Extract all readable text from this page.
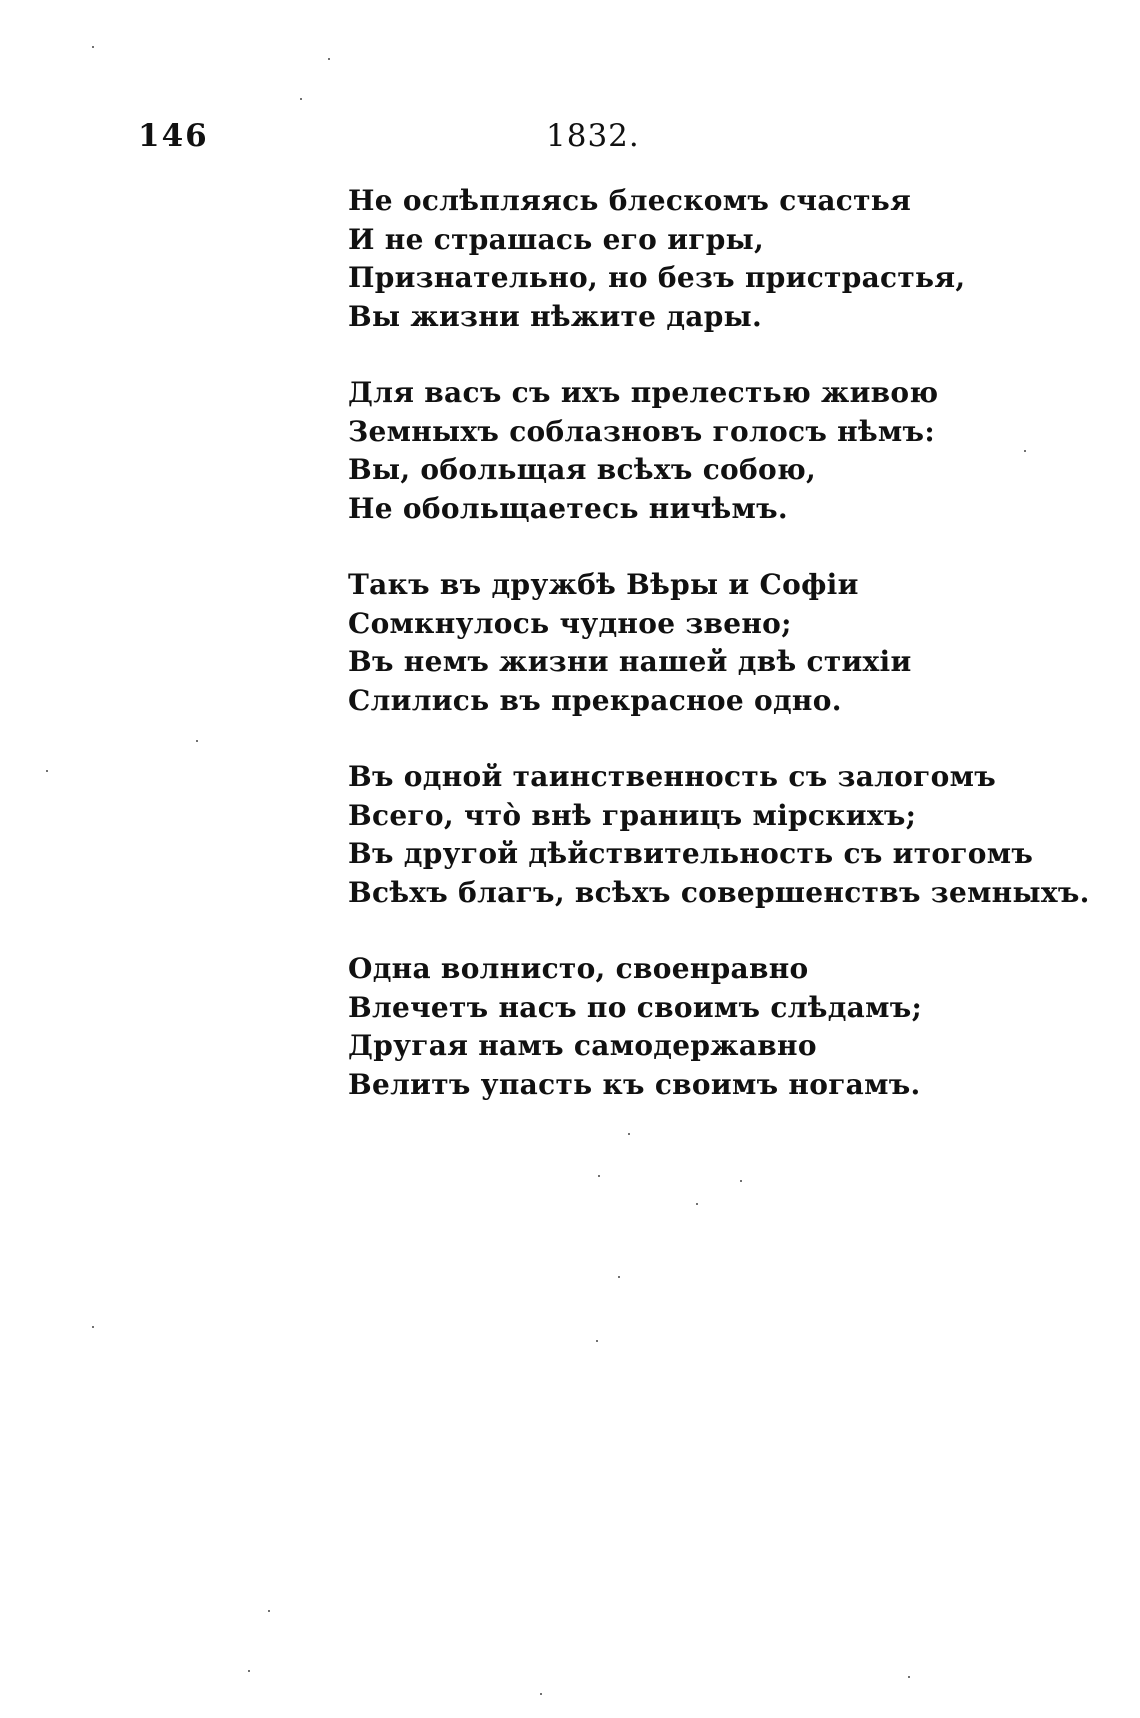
146	1832.
Не ослѣпляясь блескомъ счастья
И не страшась его игры,
Признательно, но безъ пристрастья,
Вы жизни нѣжите дары.
Для васъ съ ихъ прелестью живою
Земныхъ соблазновъ голосъ нѣмъ:
Вы, обольщая всѣхъ собою,
Не обольщаетесь ничѣмъ.
Такъ въ дружбѣ Вѣры и Софіи
Сомкнулось чудное звено;
Въ немъ жизни нашей двѣ стихіи
Слились въ прекрасное одно.
Въ одной таинственность съ залогомъ
Всего, что̀ внѣ границъ мірскихъ;
Въ другой дѣйствительность съ итогомъ
Всѣхъ благъ, всѣхъ совершенствъ земныхъ.
Одна волнисто, своенравно
Влечетъ насъ по своимъ слѣдамъ;
Другая намъ самодержавно
Велитъ упасть къ своимъ ногамъ.
